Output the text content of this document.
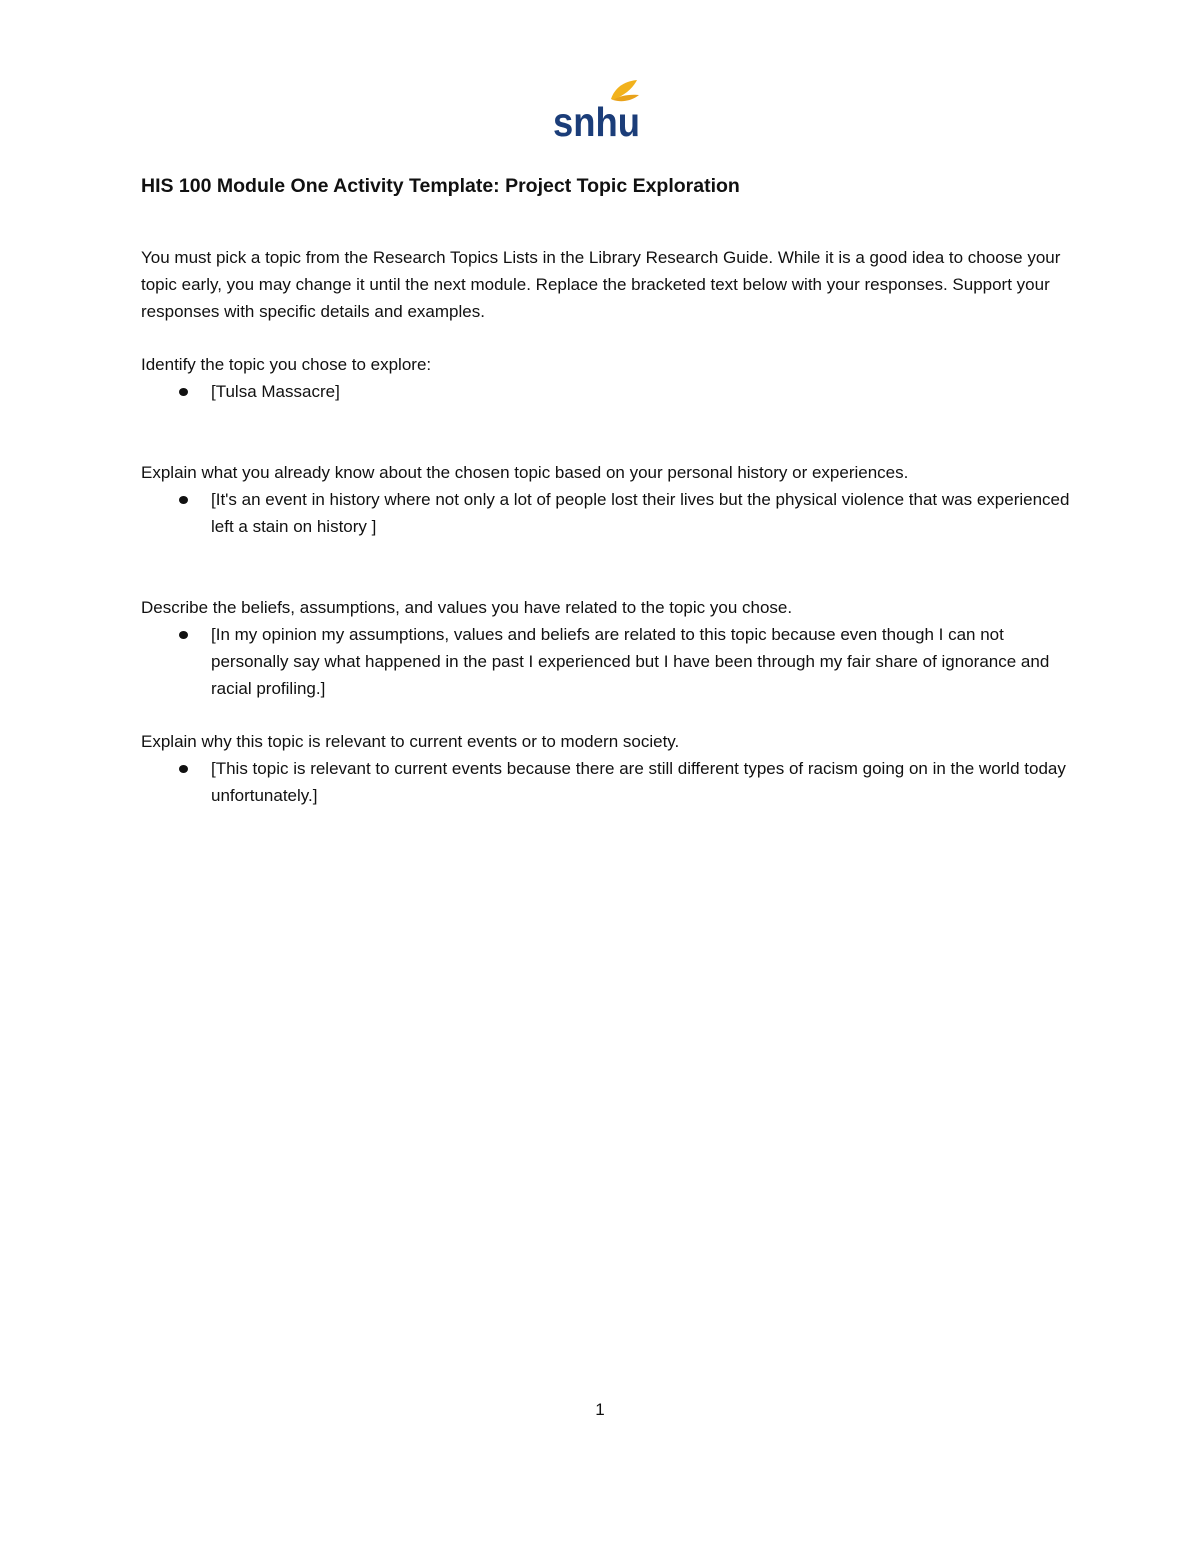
snhu

HIS 100 Module One Activity Template: Project Topic Exploration

You must pick a topic from the Research Topics Lists in the Library Research Guide. While it is a good idea to choose your topic early, you may change it until the next module. Replace the bracketed text below with your responses. Support your responses with specific details and examples.

Identify the topic you chose to explore:

[Tulsa Massacre]

Explain what you already know about the chosen topic based on your personal history or experiences.

[It's an event in history where not only a lot of people lost their lives but the physical violence that was experienced left a stain on history ]

Describe the beliefs, assumptions, and values you have related to the topic you chose.

[In my opinion my assumptions, values and beliefs are related to this topic because even though I can not personally say what happened in the past I experienced but I have been through my fair share of ignorance and racial profiling.]

Explain why this topic is relevant to current events or to modern society.

[This topic is relevant to current events because there are still different types of racism going on in the world today unfortunately.]
1
